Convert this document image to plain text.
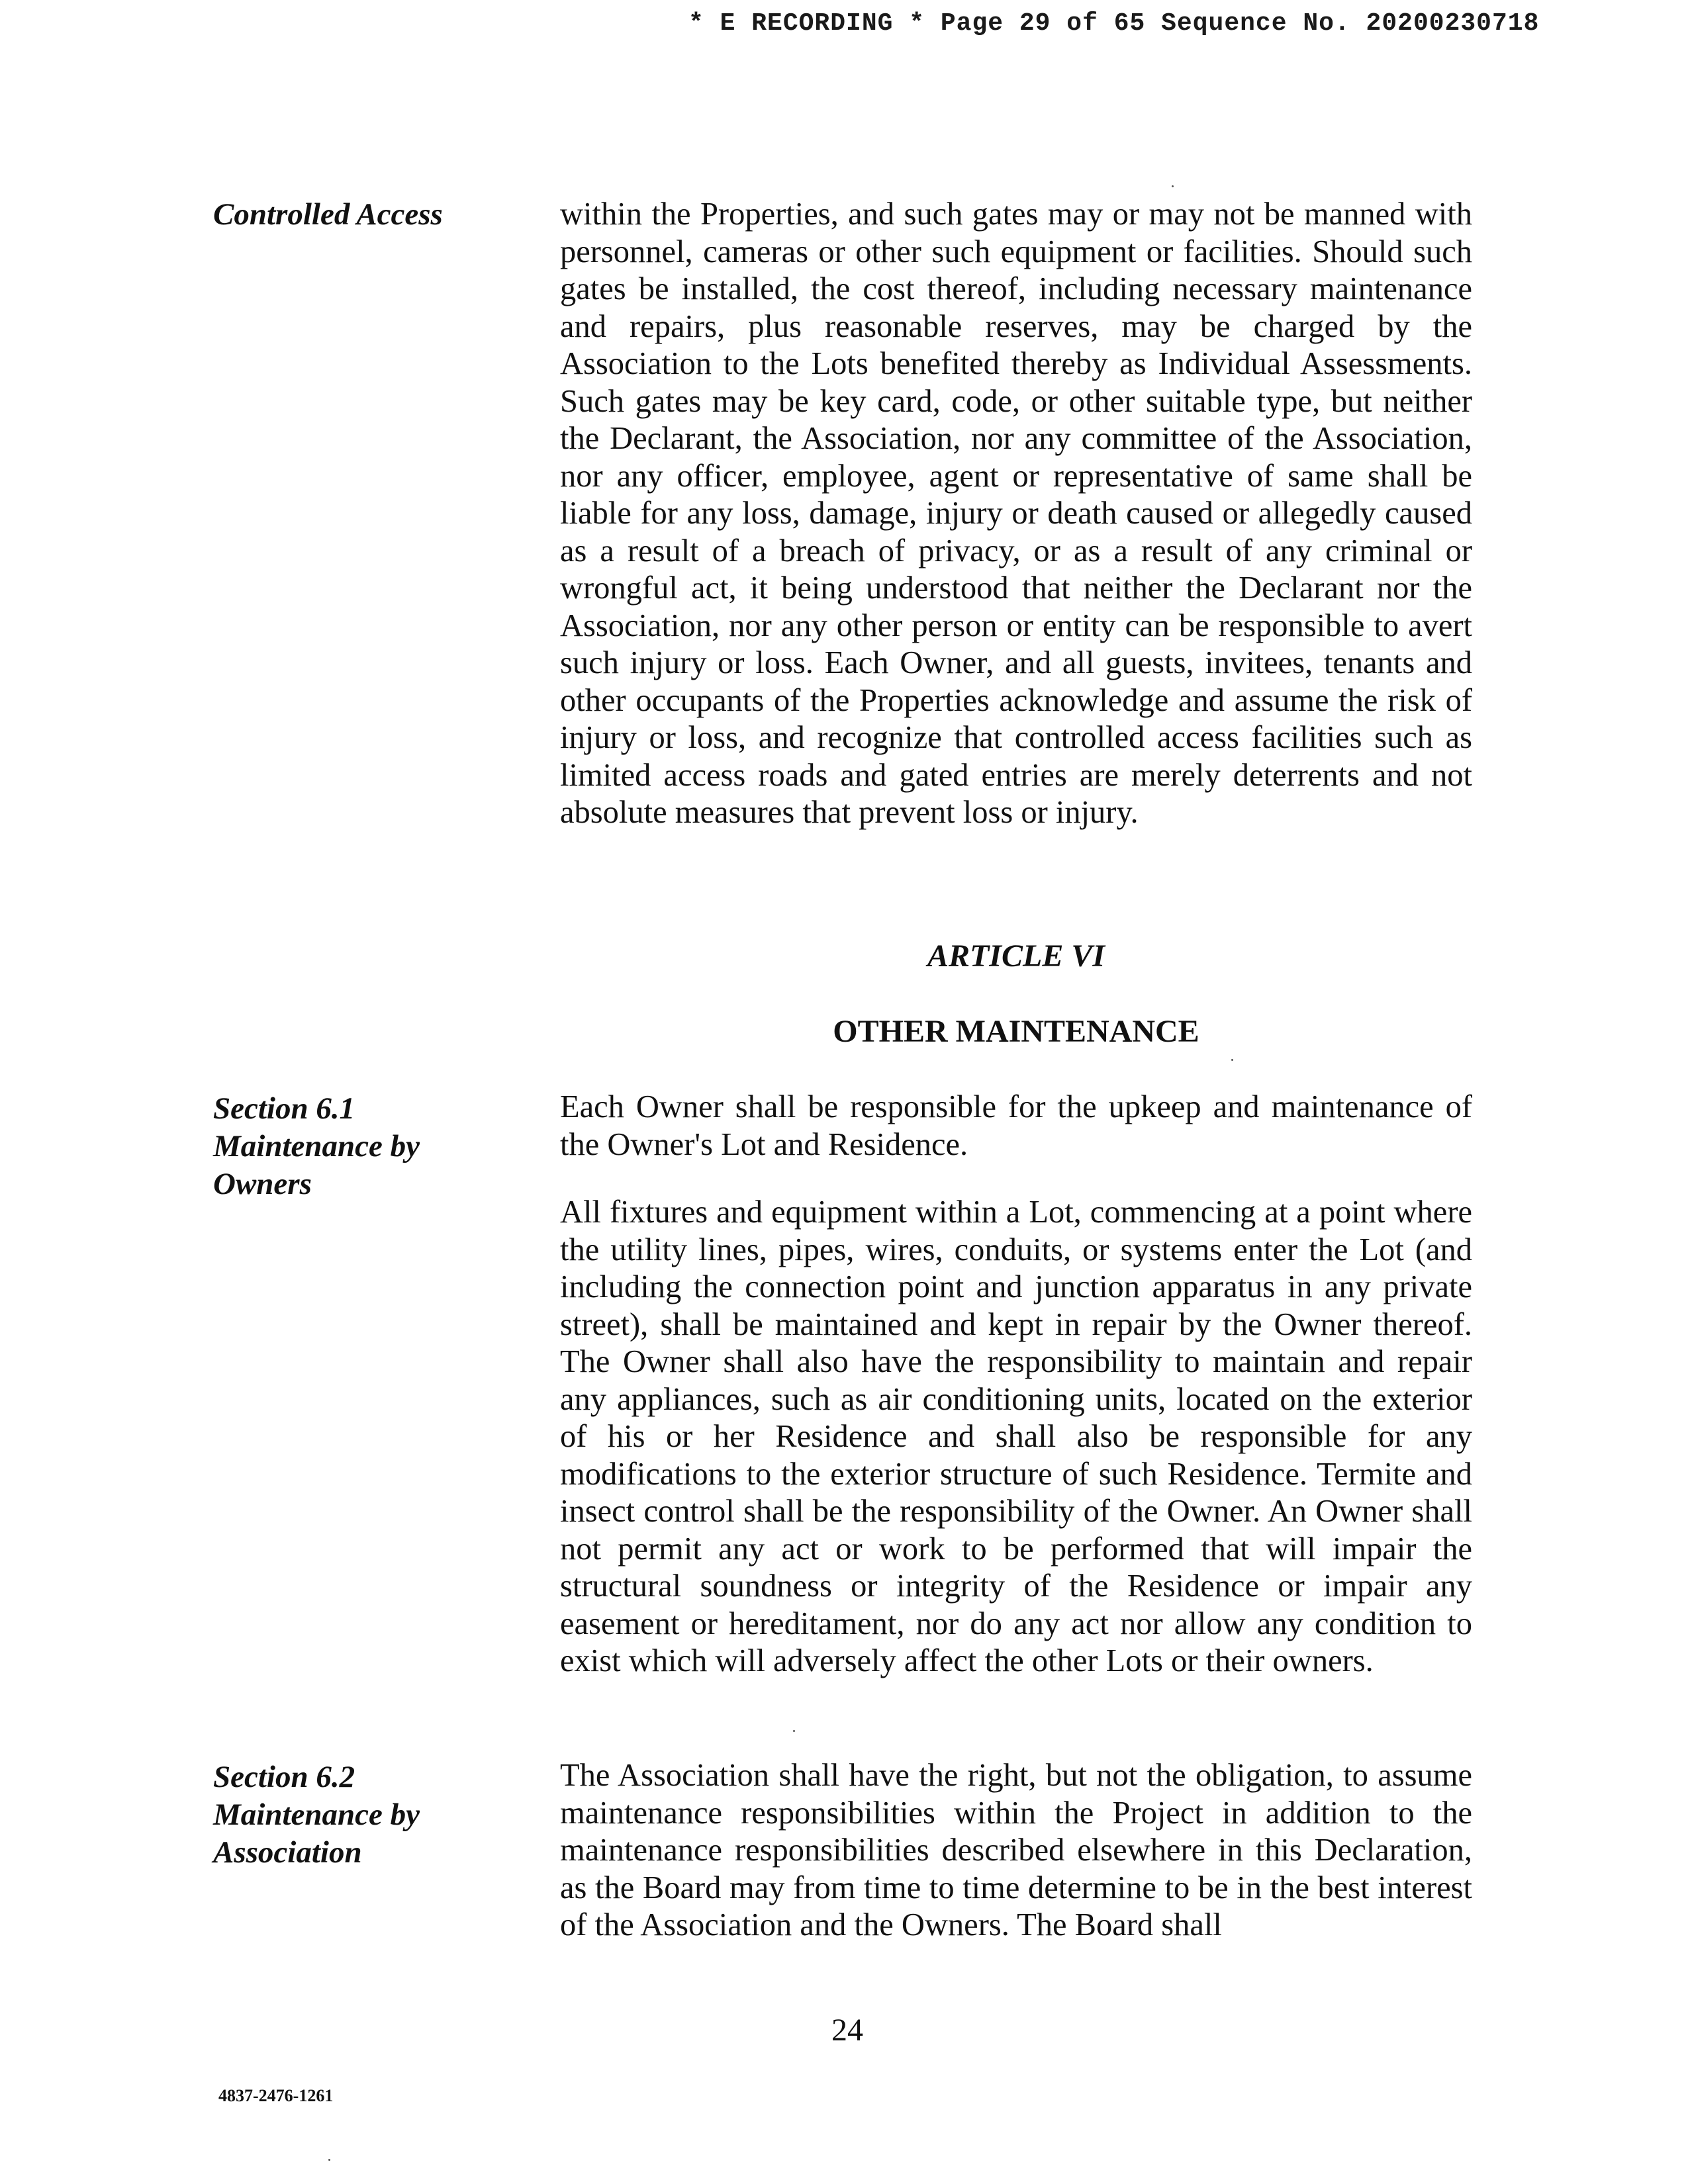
* E RECORDING * Page 29 of 65 Sequence No. 20200230718
Controlled Access	within the Properties, and such gates may or may not be manned with personnel, cameras or other such equipment or facilities. Should such gates be installed, the cost thereof, including necessary maintenance and repairs, plus reasonable reserves, may be charged by the Association to the Lots benefited thereby as Individual Assessments. Such gates may be key card, code, or other suitable type, but neither the Declarant, the Association, nor any committee of the Association, nor any officer, employee, agent or representative of same shall be liable for any loss, damage, injury or death caused or allegedly caused as a result of a breach of privacy, or as a result of any criminal or wrongful act, it being understood that neither the Declarant nor the Association, nor any other person or entity can be responsible to avert such injury or loss. Each Owner, and all guests, invitees, tenants and other occupants of the Properties acknowledge and assume the risk of injury or loss, and recognize that controlled access facilities such as limited access roads and gated entries are merely deterrents and not absolute measures that prevent loss or injury.

ARTICLE VI
OTHER MAINTENANCE
Section 6.1
Maintenance by
Owners

Each Owner shall be responsible for the upkeep and maintenance of the Owner's Lot and Residence.

All fixtures and equipment within a Lot, commencing at a point where the utility lines, pipes, wires, conduits, or systems enter the Lot (and including the connection point and junction apparatus in any private street), shall be maintained and kept in repair by the Owner thereof. The Owner shall also have the responsibility to maintain and repair any appliances, such as air conditioning units, located on the exterior of his or her Residence and shall also be responsible for any modifications to the exterior structure of such Residence. Termite and insect control shall be the responsibility of the Owner. An Owner shall not permit any act or work to be performed that will impair the structural soundness or integrity of the Residence or impair any easement or hereditament, nor do any act nor allow any condition to exist which will adversely affect the other Lots or their owners.

Section 6.2
Maintenance by
Association

The Association shall have the right, but not the obligation, to assume maintenance responsibilities within the Project in addition to the maintenance responsibilities described elsewhere in this Declaration, as the Board may from time to time determine to be in the best interest of the Association and the Owners. The Board shall

24
4837-2476-1261
